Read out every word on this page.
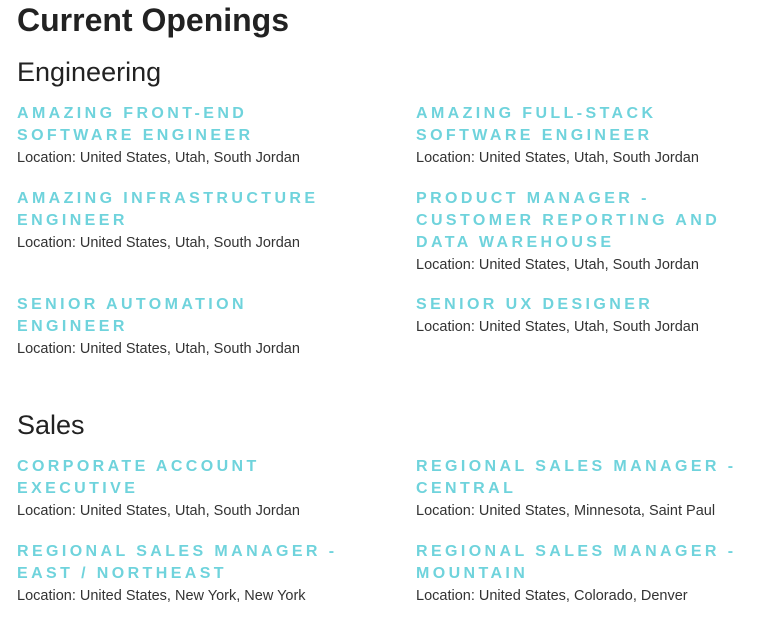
Current Openings
Engineering
AMAZING FRONT-END
SOFTWARE ENGINEER
Location: United States, Utah, South Jordan
AMAZING FULL-STACK
SOFTWARE ENGINEER
Location: United States, Utah, South Jordan
AMAZING INFRASTRUCTURE
ENGINEER
Location: United States, Utah, South Jordan
PRODUCT MANAGER -
CUSTOMER REPORTING AND
DATA WAREHOUSE
Location: United States, Utah, South Jordan
SENIOR AUTOMATION
ENGINEER
Location: United States, Utah, South Jordan
SENIOR UX DESIGNER
Location: United States, Utah, South Jordan
Sales
CORPORATE ACCOUNT
EXECUTIVE
Location: United States, Utah, South Jordan
REGIONAL SALES MANAGER -
CENTRAL
Location: United States, Minnesota, Saint Paul
REGIONAL SALES MANAGER -
EAST / NORTHEAST
Location: United States, New York, New York
REGIONAL SALES MANAGER -
MOUNTAIN
Location: United States, Colorado, Denver
